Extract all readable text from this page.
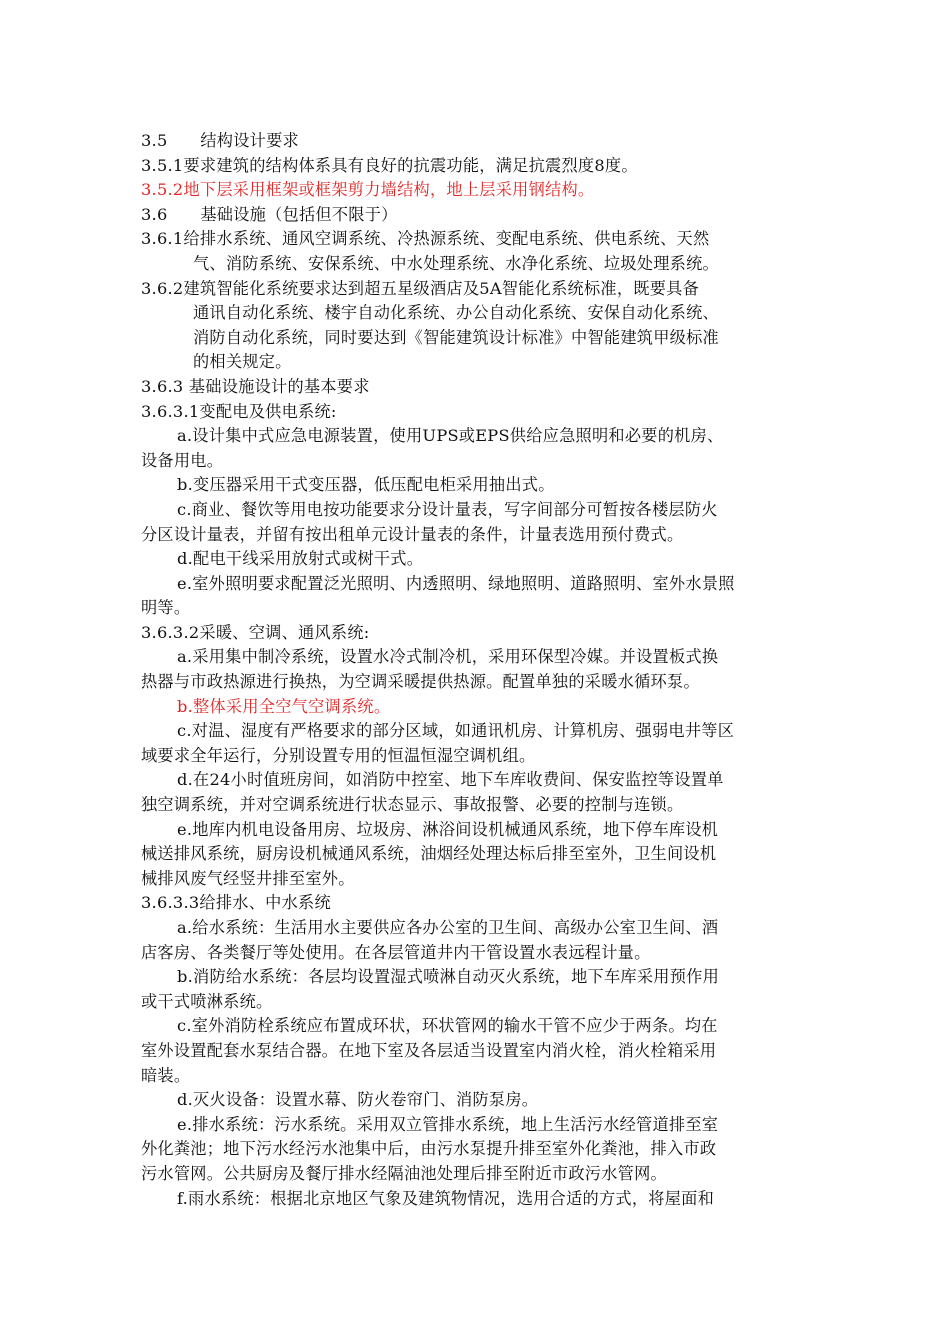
3.5　　结构设计要求
3.5.1要求建筑的结构体系具有良好的抗震功能，满足抗震烈度8度。
3.5.2地下层采用框架或框架剪力墙结构，地上层采用钢结构。
3.6　　基础设施（包括但不限于）
3.6.1给排水系统、通风空调系统、冷热源系统、变配电系统、供电系统、天然
气、消防系统、安保系统、中水处理系统、水净化系统、垃圾处理系统。
3.6.2建筑智能化系统要求达到超五星级酒店及5A智能化系统标准，既要具备
通讯自动化系统、楼宇自动化系统、办公自动化系统、安保自动化系统、
消防自动化系统，同时要达到《智能建筑设计标准》中智能建筑甲级标准
的相关规定。
3.6.3 基础设施设计的基本要求
3.6.3.1变配电及供电系统:
a.设计集中式应急电源装置，使用UPS或EPS供给应急照明和必要的机房、
设备用电。
b.变压器采用干式变压器，低压配电柜采用抽出式。
c.商业、餐饮等用电按功能要求分设计量表，写字间部分可暂按各楼层防火
分区设计量表，并留有按出租单元设计量表的条件，计量表选用预付费式。
d.配电干线采用放射式或树干式。
e.室外照明要求配置泛光照明、内透照明、绿地照明、道路照明、室外水景照
明等。
3.6.3.2采暖、空调、通风系统:
a.采用集中制冷系统，设置水冷式制冷机，采用环保型冷媒。并设置板式换
热器与市政热源进行换热，为空调采暖提供热源。配置单独的采暖水循环泵。
b.整体采用全空气空调系统。
c.对温、湿度有严格要求的部分区域，如通讯机房、计算机房、强弱电井等区
域要求全年运行，分别设置专用的恒温恒湿空调机组。
d.在24小时值班房间，如消防中控室、地下车库收费间、保安监控等设置单
独空调系统，并对空调系统进行状态显示、事故报警、必要的控制与连锁。
e.地库内机电设备用房、垃圾房、淋浴间设机械通风系统，地下停车库设机
械送排风系统，厨房设机械通风系统，油烟经处理达标后排至室外，卫生间设机
械排风废气经竖井排至室外。
3.6.3.3给排水、中水系统
a.给水系统：生活用水主要供应各办公室的卫生间、高级办公室卫生间、酒
店客房、各类餐厅等处使用。在各层管道井内干管设置水表远程计量。
b.消防给水系统：各层均设置湿式喷淋自动灭火系统，地下车库采用预作用
或干式喷淋系统。
c.室外消防栓系统应布置成环状，环状管网的输水干管不应少于两条。均在
室外设置配套水泵结合器。在地下室及各层适当设置室内消火栓，消火栓箱采用
暗装。
d.灭火设备：设置水幕、防火卷帘门、消防泵房。
e.排水系统：污水系统。采用双立管排水系统，地上生活污水经管道排至室
外化粪池；地下污水经污水池集中后，由污水泵提升排至室外化粪池，排入市政
污水管网。公共厨房及餐厅排水经隔油池处理后排至附近市政污水管网。
f.雨水系统：根据北京地区气象及建筑物情况，选用合适的方式，将屋面和
